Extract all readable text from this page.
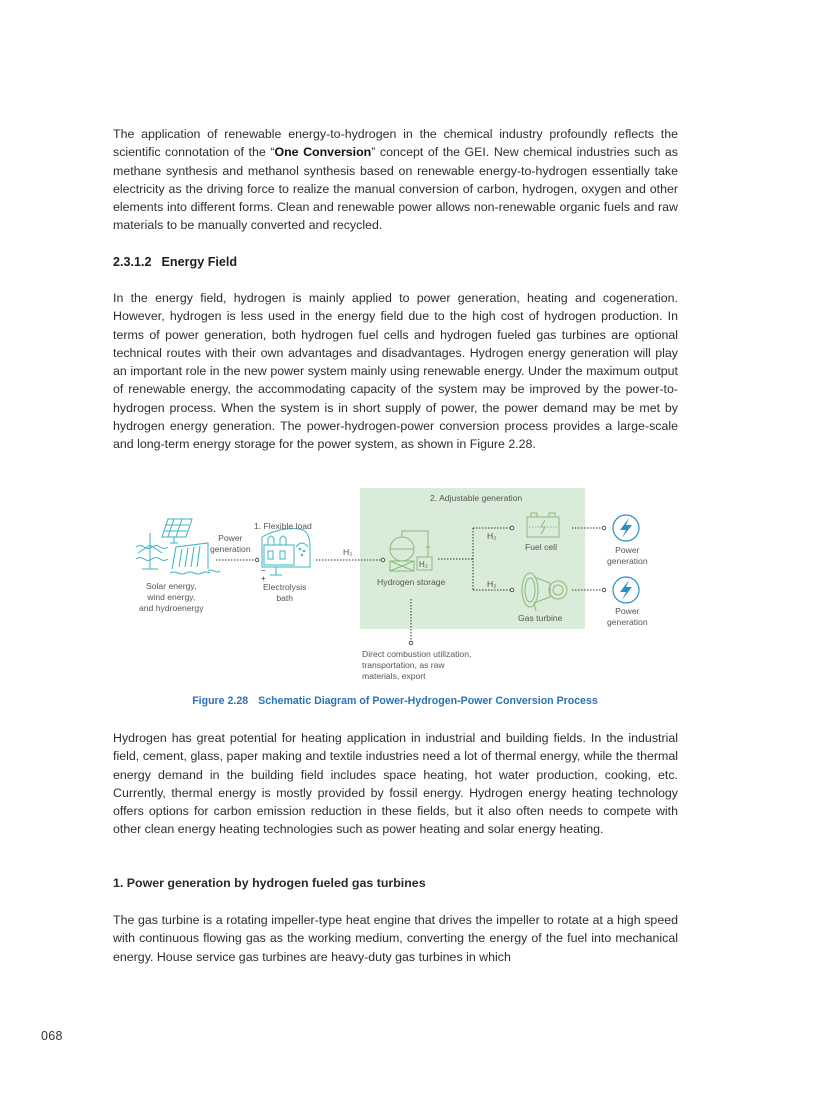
The application of renewable energy-to-hydrogen in the chemical industry profoundly reflects the scientific connotation of the “One Conversion” concept of the GEI. New chemical industries such as methane synthesis and methanol synthesis based on renewable energy-to-hydrogen essentially take electricity as the driving force to realize the manual conversion of carbon, hydrogen, oxygen and other elements into different forms. Clean and renewable power allows non-renewable organic fuels and raw materials to be manually converted and recycled.

2.3.1.2 Energy Field

In the energy field, hydrogen is mainly applied to power generation, heating and cogeneration. However, hydrogen is less used in the energy field due to the high cost of hydrogen production. In terms of power generation, both hydrogen fuel cells and hydrogen fueled gas turbines are optional technical routes with their own advantages and disadvantages. Hydrogen energy generation will play an important role in the new power system mainly using renewable energy. Under the maximum output of renewable energy, the accommodating capacity of the system may be improved by the power-to-hydrogen process. When the system is in short supply of power, the power demand may be met by hydrogen energy generation. The power-hydrogen-power conversion process provides a large-scale and long-term energy storage for the power system, as shown in Figure 2.28.

−
+
2. Adjustable generation
1. Flexible load
Power
generation	H₂
Solar energy,
wind energy,
and hydroenergy
Electrolysis
bath
H₂
Hydrogen storage
H₂
H₂
Fuel cell
Gas turbine
Power
generation
Power
generation
Direct combustion utilization,
transportation, as raw
materials, export
Figure 2.28 Schematic Diagram of Power-Hydrogen-Power Conversion Process

Hydrogen has great potential for heating application in industrial and building fields. In the industrial field, cement, glass, paper making and textile industries need a lot of thermal energy, while the thermal energy demand in the building field includes space heating, hot water production, cooking, etc. Currently, thermal energy is mostly provided by fossil energy. Hydrogen energy heating technology offers options for carbon emission reduction in these fields, but it also often needs to compete with other clean energy heating technologies such as power heating and solar energy heating.

1. Power generation by hydrogen fueled gas turbines

The gas turbine is a rotating impeller-type heat engine that drives the impeller to rotate at a high speed with continuous flowing gas as the working medium, converting the energy of the fuel into mechanical energy. House service gas turbines are heavy-duty gas turbines in which

068
